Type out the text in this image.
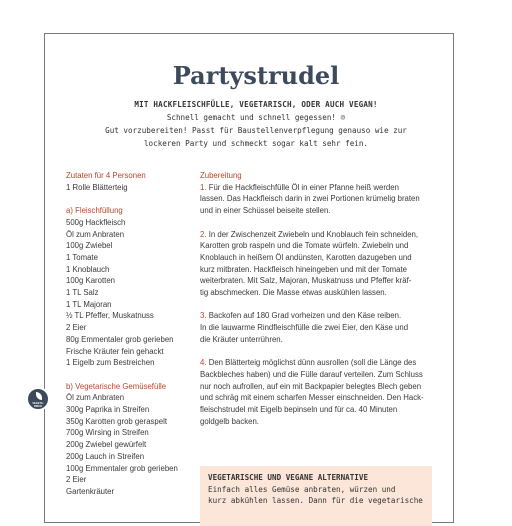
Partystrudel
MIT HACKFLEISCHFÜLLE, VEGETARISCH, ODER AUCH VEGAN!
Schnell gemacht und schnell gegessen! ☺
Gut vorzubereiten! Passt für Baustellenverpflegung genauso wie zur
lockeren Party und schmeckt sogar kalt sehr fein.
Zutaten für 4 Personen
1 Rolle Blätterteig
a) Fleischfüllung
500g Hackfleisch
Öl zum Anbraten
100g Zwiebel
1 Tomate
1 Knoblauch
100g Karotten
1 TL Salz
1 TL Majoran
½ TL Pfeffer, Muskatnuss
2 Eier
80g Emmentaler grob gerieben
Frische Kräuter fein gehackt
1 Eigelb zum Bestreichen
b) Vegetarische Gemüsefülle
Öl zum Anbraten
300g Paprika in Streifen
350g Karotten grob geraspelt
700g Wirsing in Streifen
200g Zwiebel gewürfelt
200g Lauch in Streifen
100g Emmentaler grob gerieben
2 Eier
Gartenkräuter
VEGETA-
RISCH
Zubereitung
1. Für die Hackfleischfülle Öl in einer Pfanne heiß werden
lassen. Das Hackfleisch darin in zwei Portionen krümelig braten
und in einer Schüssel beiseite stellen.
2. In der Zwischenzeit Zwiebeln und Knoblauch fein schneiden,
Karotten grob raspeln und die Tomate würfeln. Zwiebeln und
Knoblauch in heißem Öl andünsten, Karotten dazugeben und
kurz mitbraten. Hackfleisch hineingeben und mit der Tomate
weiterbraten. Mit Salz, Majoran, Muskatnuss und Pfeffer kräf-
tig abschmecken. Die Masse etwas auskühlen lassen.
3. Backofen auf 180 Grad vorheizen und den Käse reiben.
In die lauwarme Rindfleischfülle die zwei Eier, den Käse und
die Kräuter unterrühren.
4. Den Blätterteig möglichst dünn ausrollen (soll die Länge des
Backbleches haben) und die Fülle darauf verteilen. Zum Schluss
nur noch aufrollen, auf ein mit Backpapier belegtes Blech geben
und schräg mit einem scharfen Messer einschneiden. Den Hack-
fleischstrudel mit Eigelb bepinseln und für ca. 40 Minuten
goldgelb backen.
VEGETARISCHE UND VEGANE ALTERNATIVE
Einfach alles Gemüse anbraten, würzen und
kurz abkühlen lassen. Dann für die vegetarische
